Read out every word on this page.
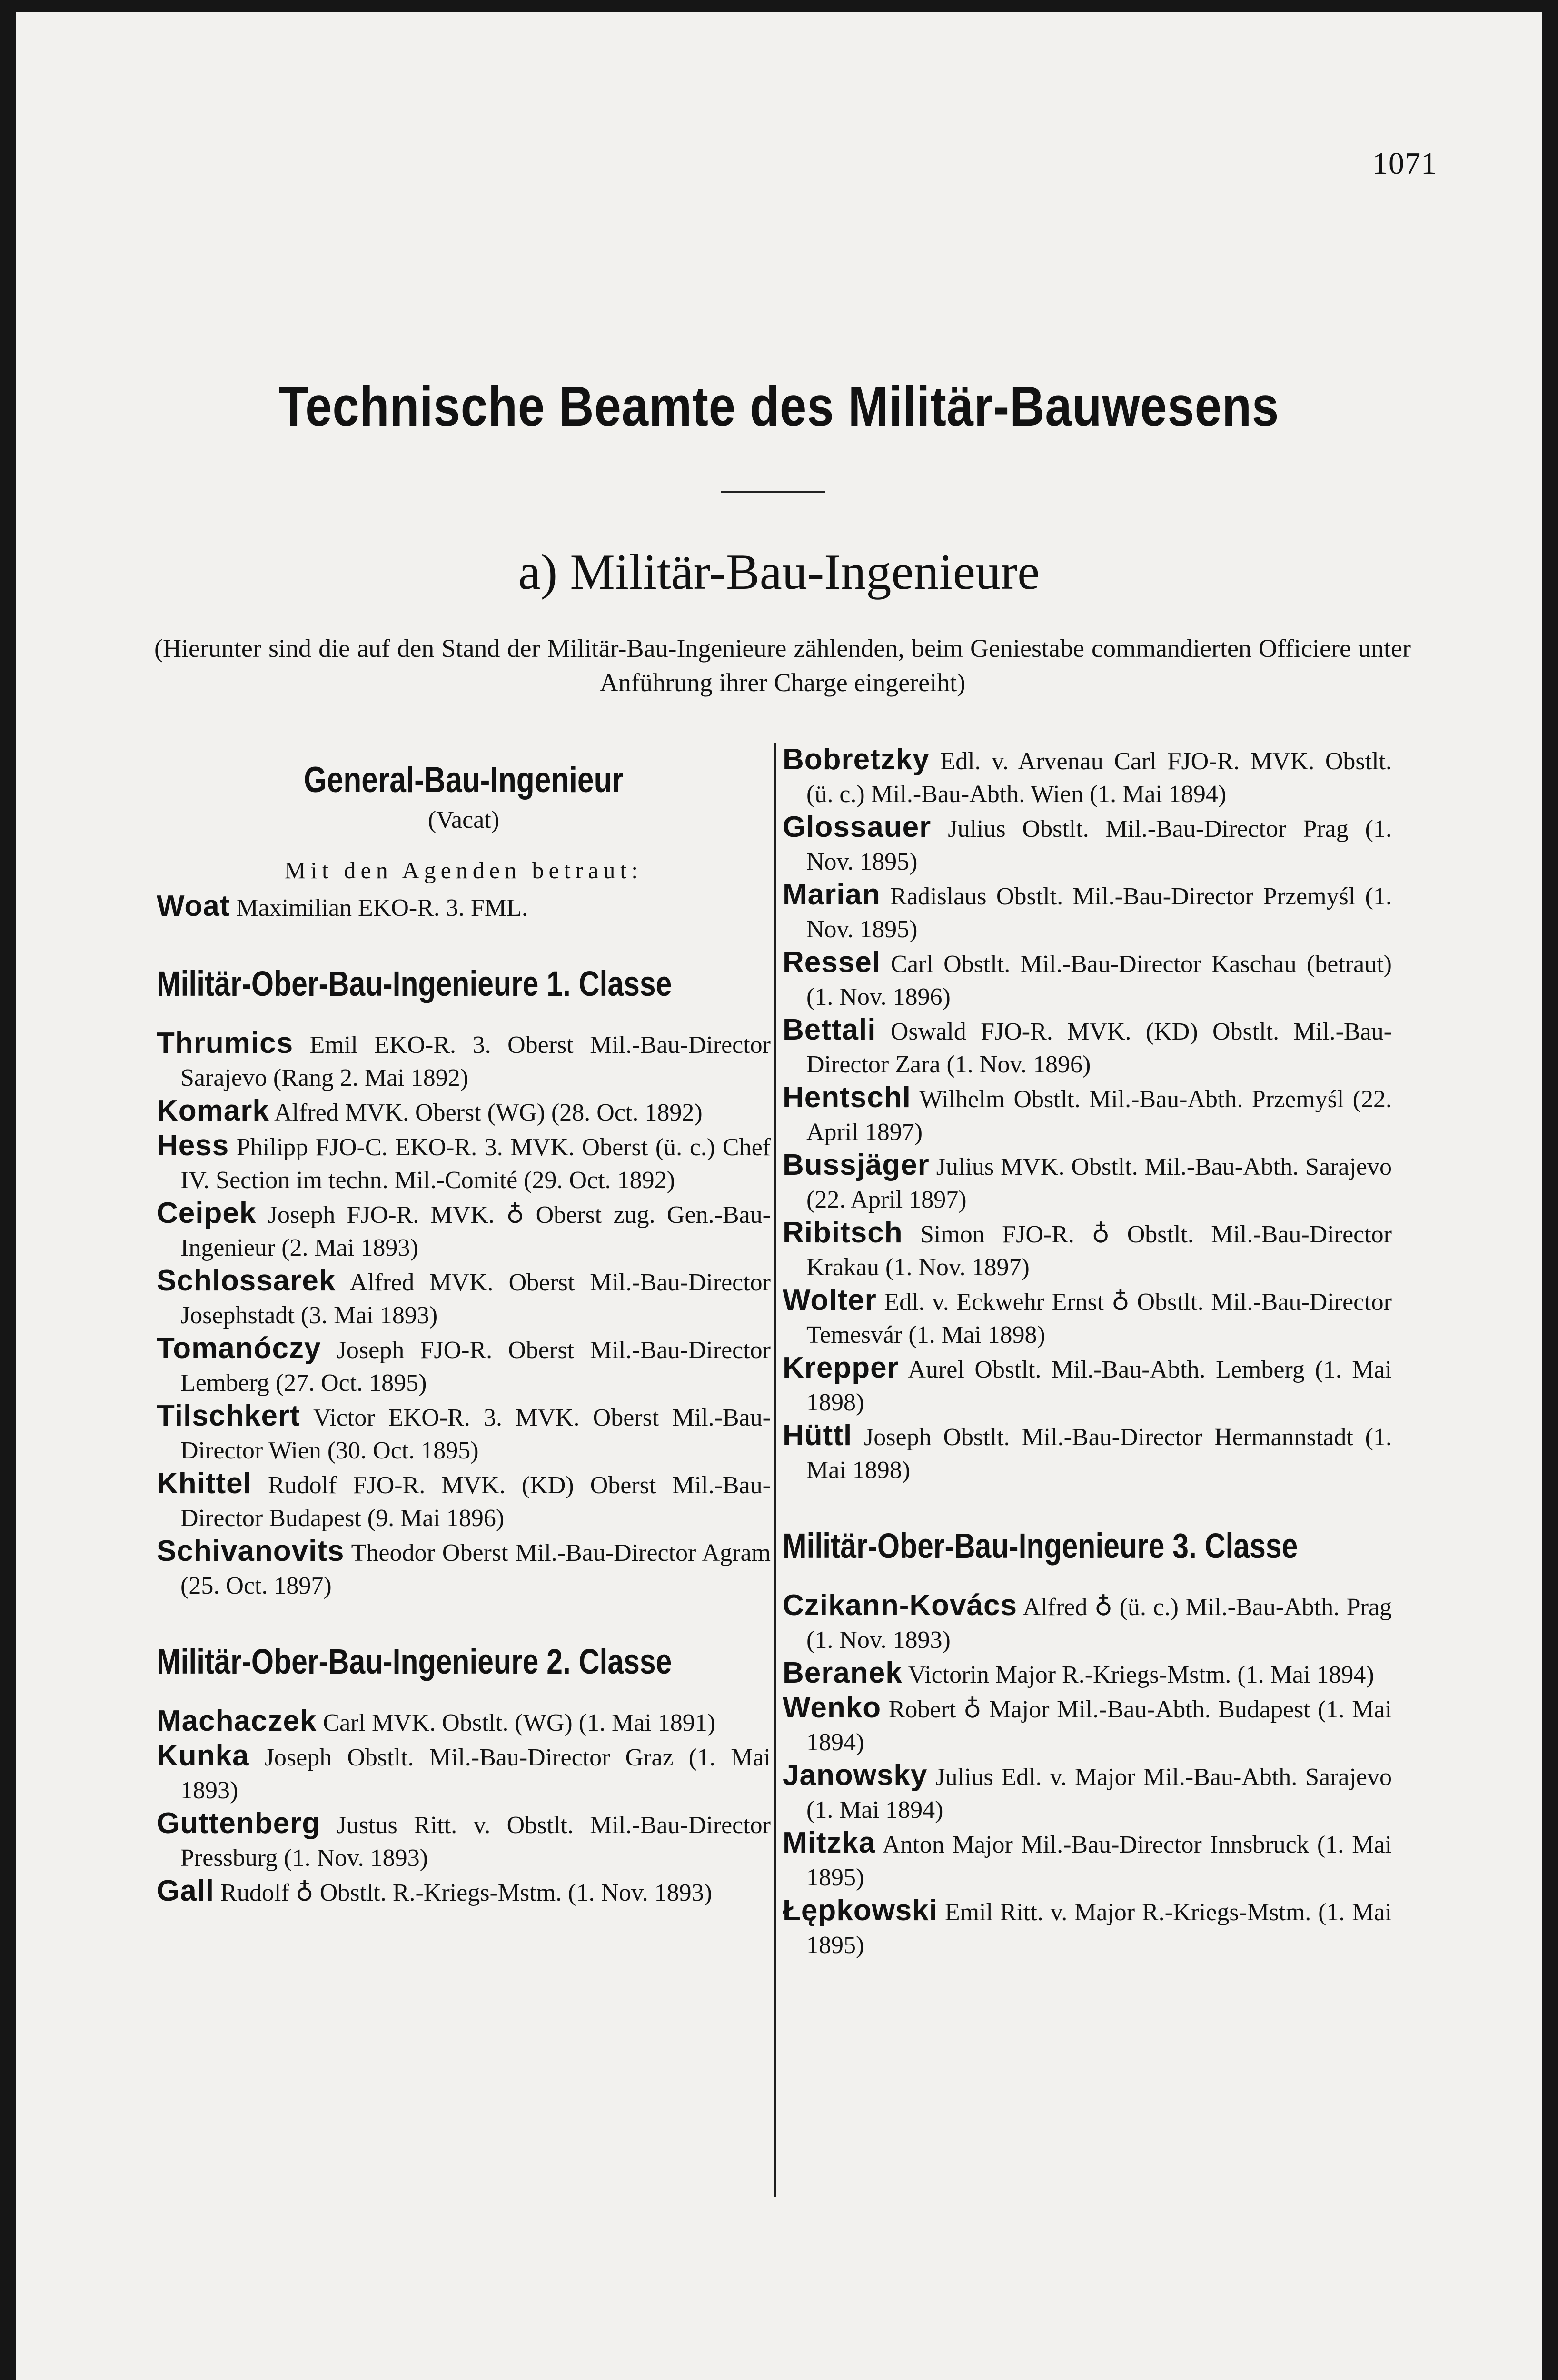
1071
Technische Beamte des Militär-Bauwesens
a) Militär-Bau-Ingenieure
(Hierunter sind die auf den Stand der Militär-Bau-Ingenieure zählenden, beim Geniestabe commandierten Officiere unter Anführung ihrer Charge eingereiht)
General-Bau-Ingenieur
(Vacat)
Mit den Agenden betraut:

Woat Maximilian EKO-R. 3. FML.

Militär-Ober-Bau-Ingenieure 1. Classe

Thrumics Emil EKO-R. 3. Oberst Mil.-Bau-Director Sarajevo (Rang 2. Mai 1892)

Komark Alfred MVK. Oberst (WG) (28. Oct. 1892)

Hess Philipp FJO-C. EKO-R. 3. MVK. Oberst (ü. c.) Chef IV. Section im techn. Mil.-Comité (29. Oct. 1892)

Ceipek Joseph FJO-R. MVK. ♁ Oberst zug. Gen.-Bau-Ingenieur (2. Mai 1893)

Schlossarek Alfred MVK. Oberst Mil.-Bau-Director Josephstadt (3. Mai 1893)

Tomanóczy Joseph FJO-R. Oberst Mil.-Bau-Director Lemberg (27. Oct. 1895)

Tilschkert Victor EKO-R. 3. MVK. Oberst Mil.-Bau-Director Wien (30. Oct. 1895)

Khittel Rudolf FJO-R. MVK. (KD) Oberst Mil.-Bau-Director Budapest (9. Mai 1896)

Schivanovits Theodor Oberst Mil.-Bau-Director Agram (25. Oct. 1897)

Militär-Ober-Bau-Ingenieure 2. Classe

Machaczek Carl MVK. Obstlt. (WG) (1. Mai 1891)

Kunka Joseph Obstlt. Mil.-Bau-Director Graz (1. Mai 1893)

Guttenberg Justus Ritt. v. Obstlt. Mil.-Bau-Director Pressburg (1. Nov. 1893)

Gall Rudolf ♁ Obstlt. R.-Kriegs-Mstm. (1. Nov. 1893)

Bobretzky Edl. v. Arvenau Carl FJO-R. MVK. Obstlt. (ü. c.) Mil.-Bau-Abth. Wien (1. Mai 1894)

Glossauer Julius Obstlt. Mil.-Bau-Director Prag (1. Nov. 1895)

Marian Radislaus Obstlt. Mil.-Bau-Director Przemyśl (1. Nov. 1895)

Ressel Carl Obstlt. Mil.-Bau-Director Kaschau (betraut) (1. Nov. 1896)

Bettali Oswald FJO-R. MVK. (KD) Obstlt. Mil.-Bau-Director Zara (1. Nov. 1896)

Hentschl Wilhelm Obstlt. Mil.-Bau-Abth. Przemyśl (22. April 1897)

Bussjäger Julius MVK. Obstlt. Mil.-Bau-Abth. Sarajevo (22. April 1897)

Ribitsch Simon FJO-R. ♁ Obstlt. Mil.-Bau-Director Krakau (1. Nov. 1897)

Wolter Edl. v. Eckwehr Ernst ♁ Obstlt. Mil.-Bau-Director Temesvár (1. Mai 1898)

Krepper Aurel Obstlt. Mil.-Bau-Abth. Lemberg (1. Mai 1898)

Hüttl Joseph Obstlt. Mil.-Bau-Director Hermannstadt (1. Mai 1898)

Militär-Ober-Bau-Ingenieure 3. Classe

Czikann-Kovács Alfred ♁ (ü. c.) Mil.-Bau-Abth. Prag (1. Nov. 1893)

Beranek Victorin Major R.-Kriegs-Mstm. (1. Mai 1894)

Wenko Robert ♁ Major Mil.-Bau-Abth. Budapest (1. Mai 1894)

Janowsky Julius Edl. v. Major Mil.-Bau-Abth. Sarajevo (1. Mai 1894)

Mitzka Anton Major Mil.-Bau-Director Innsbruck (1. Mai 1895)

Łępkowski Emil Ritt. v. Major R.-Kriegs-Mstm. (1. Mai 1895)
